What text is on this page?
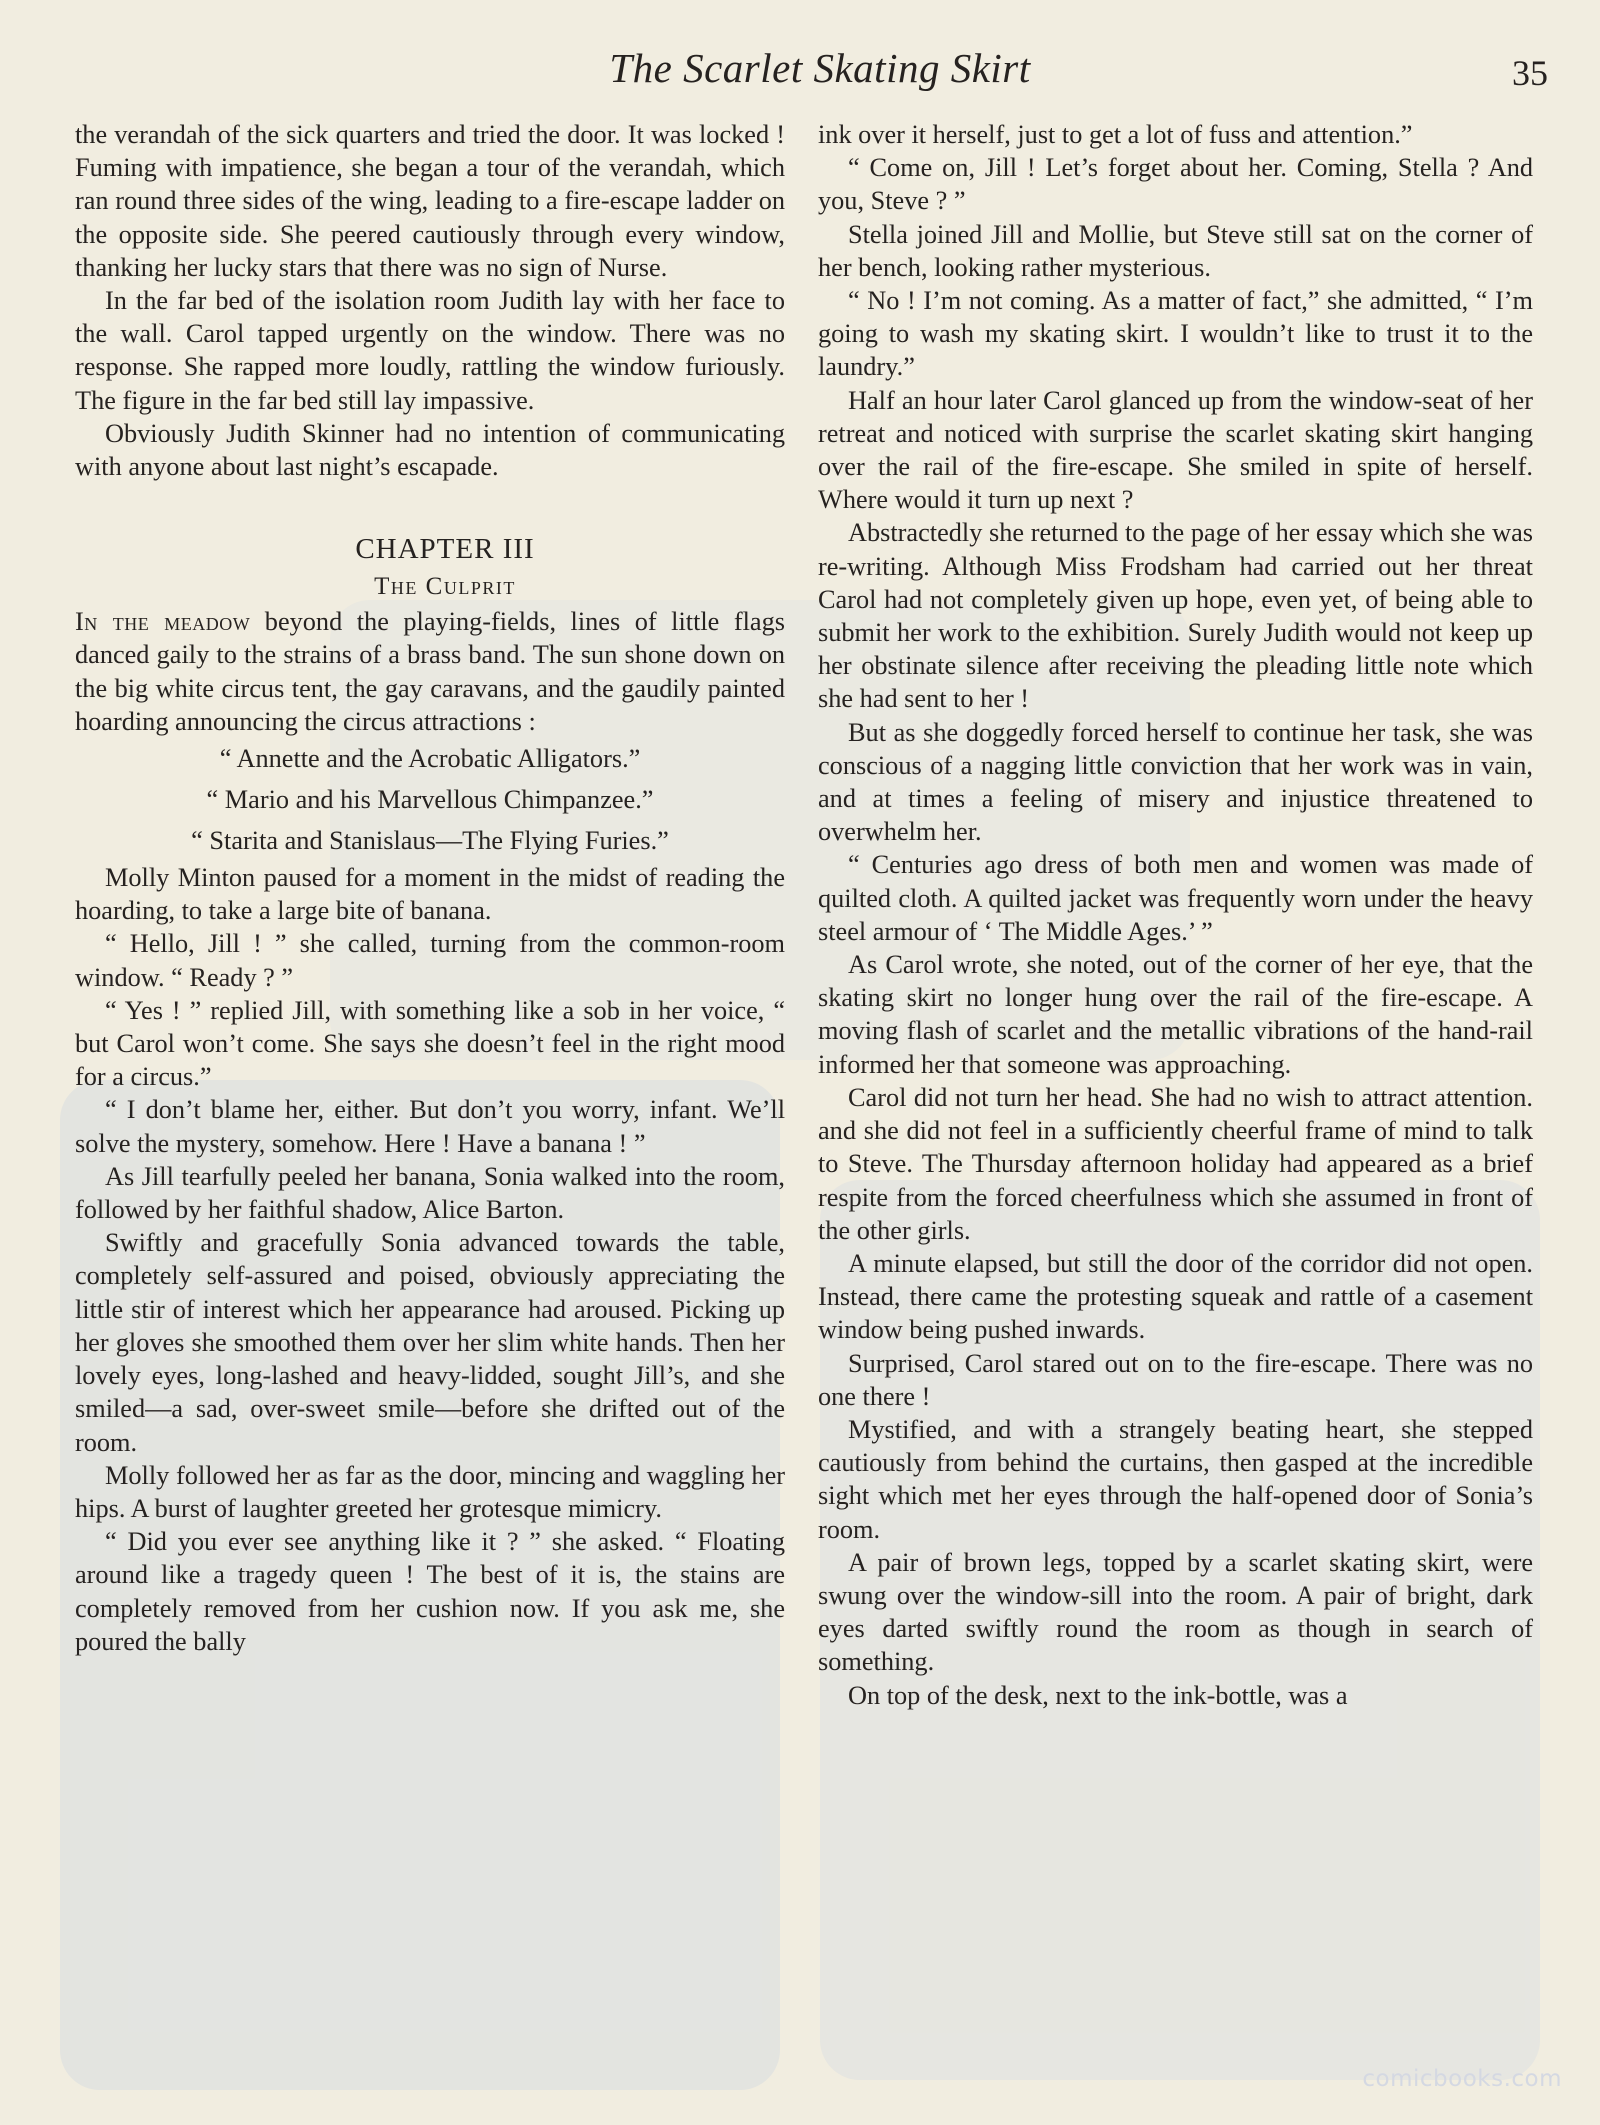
The Scarlet Skating Skirt	35

the verandah of the sick quarters and tried the door. It was locked ! Fuming with impatience, she began a tour of the verandah, which ran round three sides of the wing, leading to a fire-escape ladder on the opposite side. She peered cautiously through every window, thanking her lucky stars that there was no sign of Nurse.

In the far bed of the isolation room Judith lay with her face to the wall. Carol tapped urgently on the window. There was no response. She rapped more loudly, rattling the window furiously. The figure in the far bed still lay impassive.

Obviously Judith Skinner had no intention of communicating with anyone about last night’s escapade.

CHAPTER III

The Culprit

In the meadow beyond the playing-fields, lines of little flags danced gaily to the strains of a brass band. The sun shone down on the big white circus tent, the gay caravans, and the gaudily painted hoarding announcing the circus attractions :

“ Annette and the Acrobatic Alligators.”

“ Mario and his Marvellous Chimpanzee.”

“ Starita and Stanislaus—The Flying Furies.”

Molly Minton paused for a moment in the midst of reading the hoarding, to take a large bite of banana.

“ Hello, Jill ! ” she called, turning from the common-room window. “ Ready ? ”

“ Yes ! ” replied Jill, with something like a sob in her voice, “ but Carol won’t come. She says she doesn’t feel in the right mood for a circus.”

“ I don’t blame her, either. But don’t you worry, infant. We’ll solve the mystery, somehow. Here ! Have a banana ! ”

As Jill tearfully peeled her banana, Sonia walked into the room, followed by her faithful shadow, Alice Barton.

Swiftly and gracefully Sonia advanced towards the table, completely self-assured and poised, obviously appreciating the little stir of interest which her appearance had aroused. Picking up her gloves she smoothed them over her slim white hands. Then her lovely eyes, long-lashed and heavy-lidded, sought Jill’s, and she smiled—a sad, over-sweet smile—before she drifted out of the room.

Molly followed her as far as the door, mincing and waggling her hips. A burst of laughter greeted her grotesque mimicry.

“ Did you ever see anything like it ? ” she asked. “ Floating around like a tragedy queen ! The best of it is, the stains are completely removed from her cushion now. If you ask me, she poured the bally

ink over it herself, just to get a lot of fuss and attention.”

“ Come on, Jill ! Let’s forget about her. Coming, Stella ? And you, Steve ? ”

Stella joined Jill and Mollie, but Steve still sat on the corner of her bench, looking rather mysterious.

“ No ! I’m not coming. As a matter of fact,” she admitted, “ I’m going to wash my skating skirt. I wouldn’t like to trust it to the laundry.”

Half an hour later Carol glanced up from the window-seat of her retreat and noticed with surprise the scarlet skating skirt hanging over the rail of the fire-escape. She smiled in spite of herself. Where would it turn up next ?

Abstractedly she returned to the page of her essay which she was re-writing. Although Miss Frodsham had carried out her threat Carol had not completely given up hope, even yet, of being able to submit her work to the exhibition. Surely Judith would not keep up her obstinate silence after receiving the pleading little note which she had sent to her !

But as she doggedly forced herself to continue her task, she was conscious of a nagging little conviction that her work was in vain, and at times a feeling of misery and injustice threatened to overwhelm her.

“ Centuries ago dress of both men and women was made of quilted cloth. A quilted jacket was frequently worn under the heavy steel armour of ‘ The Middle Ages.’ ”

As Carol wrote, she noted, out of the corner of her eye, that the skating skirt no longer hung over the rail of the fire-escape. A moving flash of scarlet and the metallic vibrations of the hand-rail informed her that someone was approaching.

Carol did not turn her head. She had no wish to attract attention. and she did not feel in a sufficiently cheerful frame of mind to talk to Steve. The Thursday afternoon holiday had appeared as a brief respite from the forced cheerfulness which she assumed in front of the other girls.

A minute elapsed, but still the door of the corridor did not open. Instead, there came the protesting squeak and rattle of a casement window being pushed inwards.

Surprised, Carol stared out on to the fire-escape. There was no one there !

Mystified, and with a strangely beating heart, she stepped cautiously from behind the curtains, then gasped at the incredible sight which met her eyes through the half-opened door of Sonia’s room.

A pair of brown legs, topped by a scarlet skating skirt, were swung over the window-sill into the room. A pair of bright, dark eyes darted swiftly round the room as though in search of something.

On top of the desk, next to the ink-bottle, was a

comicbooks.com
